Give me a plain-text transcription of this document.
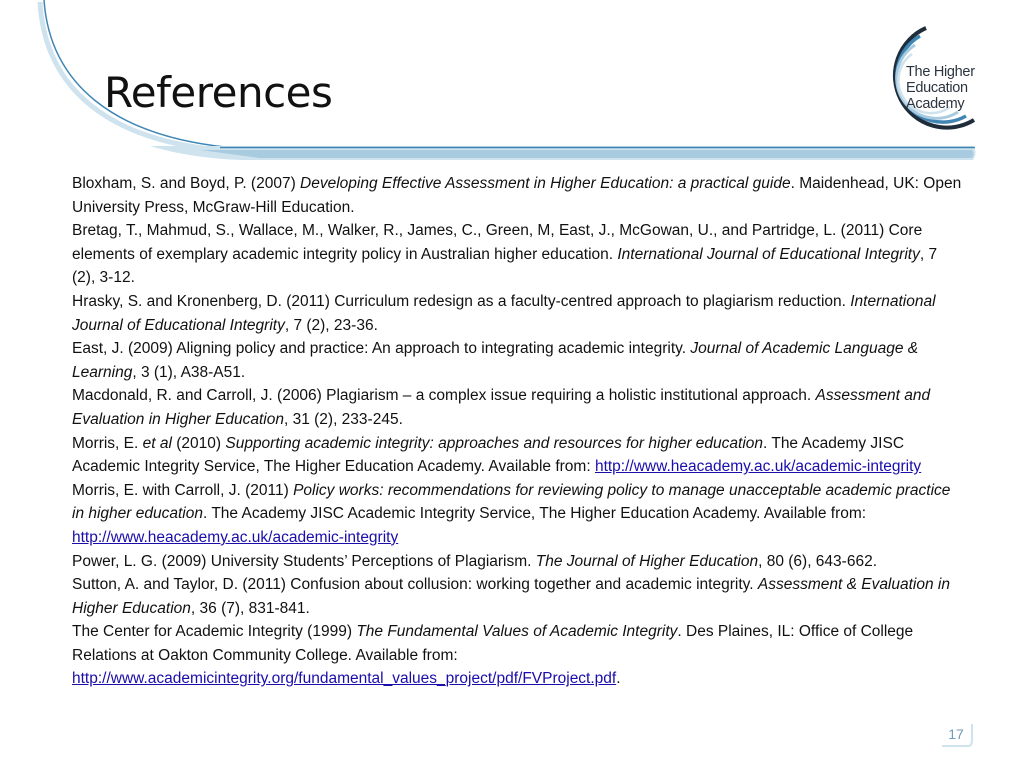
The Higher
Education
Academy
References

Bloxham, S. and Boyd, P. (2007) Developing Effective Assessment in Higher Education: a practical guide. Maidenhead, UK: Open University Press, McGraw-Hill Education.

Bretag, T., Mahmud, S., Wallace, M., Walker, R., James, C., Green, M, East, J., McGowan, U., and Partridge, L. (2011) Core elements of exemplary academic integrity policy in Australian higher education. International Journal of Educational Integrity, 7 (2), 3-12.

Hrasky, S. and Kronenberg, D. (2011) Curriculum redesign as a faculty-centred approach to plagiarism reduction. International Journal of Educational Integrity, 7 (2), 23-36.

East, J. (2009) Aligning policy and practice: An approach to integrating academic integrity. Journal of Academic Language & Learning, 3 (1), A38-A51.

Macdonald, R. and Carroll, J. (2006) Plagiarism – a complex issue requiring a holistic institutional approach. Assessment and Evaluation in Higher Education, 31 (2), 233-245.

Morris, E. et al (2010) Supporting academic integrity: approaches and resources for higher education. The Academy JISC Academic Integrity Service, The Higher Education Academy. Available from: http://www.heacademy.ac.uk/academic-integrity

Morris, E. with Carroll, J. (2011) Policy works: recommendations for reviewing policy to manage unacceptable academic practice in higher education. The Academy JISC Academic Integrity Service, The Higher Education Academy. Available from: http://www.heacademy.ac.uk/academic-integrity

Power, L. G. (2009) University Students’ Perceptions of Plagiarism. The Journal of Higher Education, 80 (6), 643-662.

Sutton, A. and Taylor, D. (2011) Confusion about collusion: working together and academic integrity. Assessment & Evaluation in Higher Education, 36 (7), 831-841.

The Center for Academic Integrity (1999) The Fundamental Values of Academic Integrity. Des Plaines, IL: Office of College Relations at Oakton Community College. Available from: http://www.academicintegrity.org/fundamental_values_project/pdf/FVProject.pdf.

17
